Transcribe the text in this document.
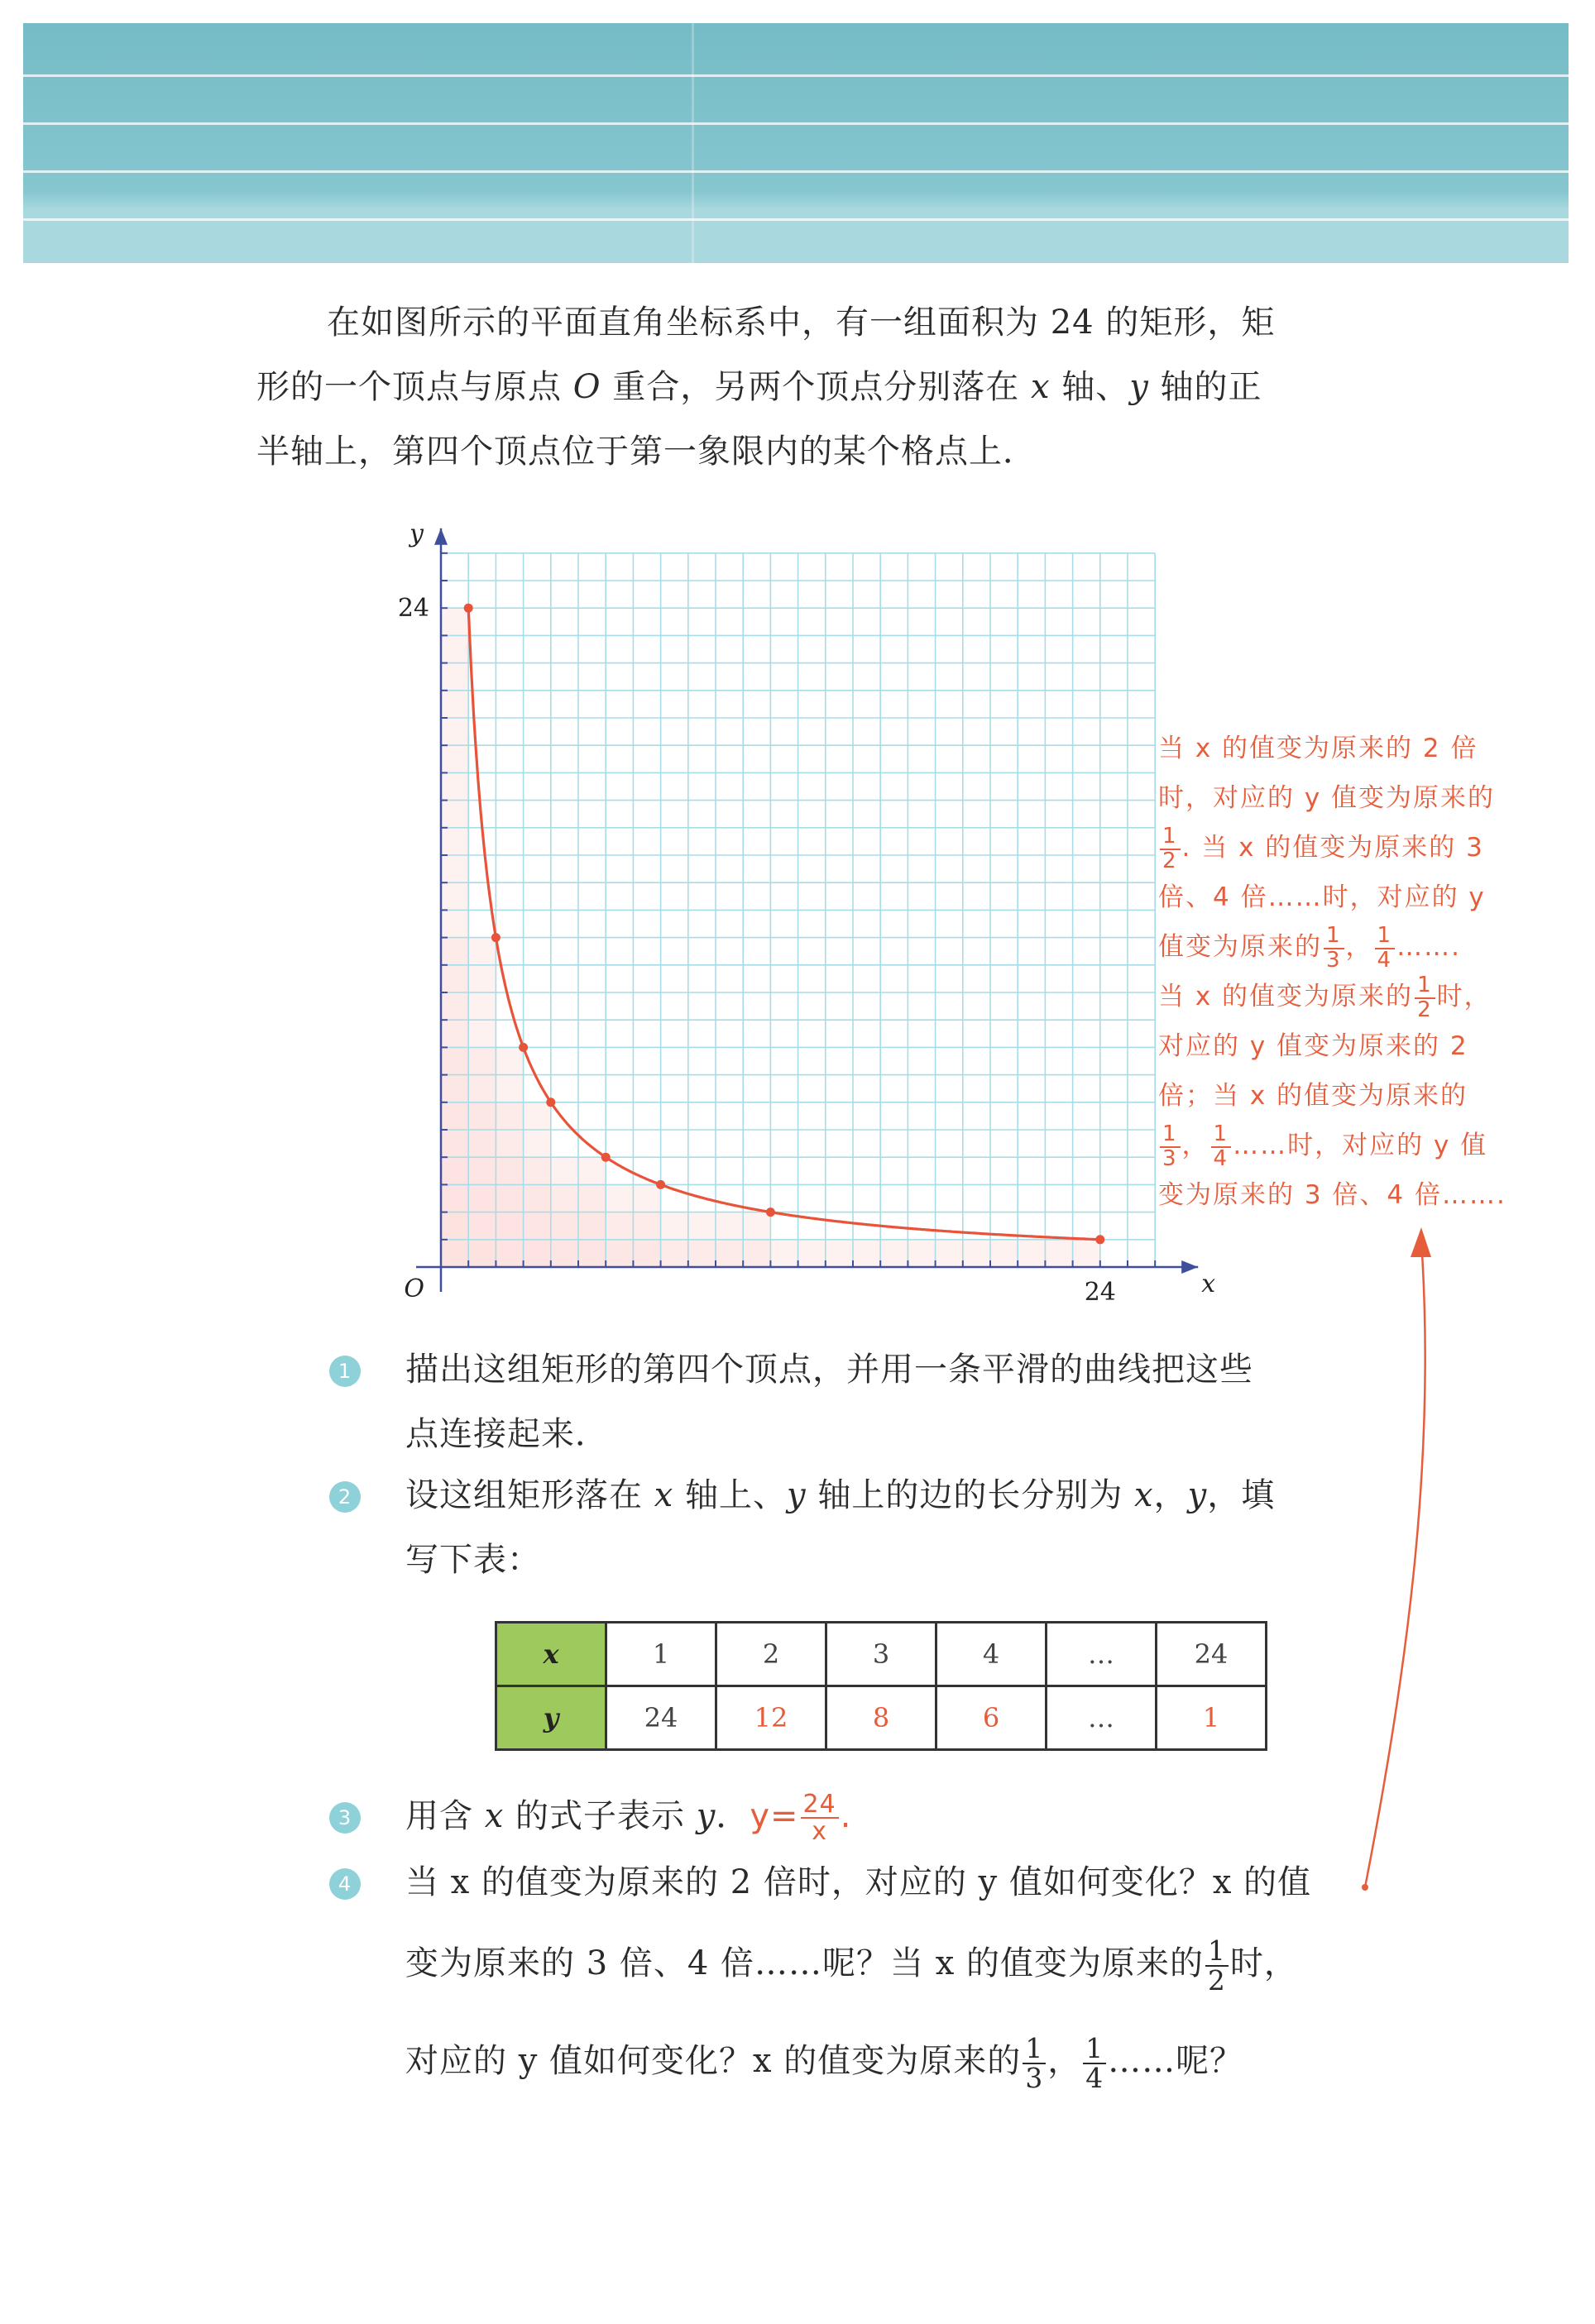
在如图所示的平面直角坐标系中，有一组面积为 24 的矩形，矩
形的一个顶点与原点 O 重合，另两个顶点分别落在 x 轴、y 轴的正
半轴上，第四个顶点位于第一象限内的某个格点上．
24
24
O	x
y
当 x 的值变为原来的 2 倍
时，对应的 y 值变为原来的
$\frac{1}{2}$ . 当 x 的值变为原来的 3
倍、4 倍……时，对应的 y
值变为原来的 $\frac{1}{3}$ ， $\frac{1}{4}$ …….
当 x 的值变为原来的 $\frac{1}{2}$ 时，
对应的 y 值变为原来的 2
倍；当 x 的值变为原来的
$\frac{1}{3}$ ， $\frac{1}{4}$ ……时，对应的 y 值
变为原来的 3 倍、4 倍…….
1 描出这组矩形的第四个顶点，并用一条平滑的曲线把这些
点连接起来．
2 设这组矩形落在 x 轴上、y 轴上的边的长分别为 x，y，填
写下表：
x	1	2	3	4	…	24
y	24	12	8	6	…	1
3 用含 x 的式子表示 y．$y= \frac{24}{x}$ .
4 当 x 的值变为原来的 2 倍时，对应的 y 值如何变化？x 的值
变为原来的 3 倍、4 倍……呢？当 x 的值变为原来的 $\frac{1}{2}$ 时，
对应的 y 值如何变化？x 的值变为原来的 $\frac{1}{3}$ ， $\frac{1}{4}$ ……呢？
